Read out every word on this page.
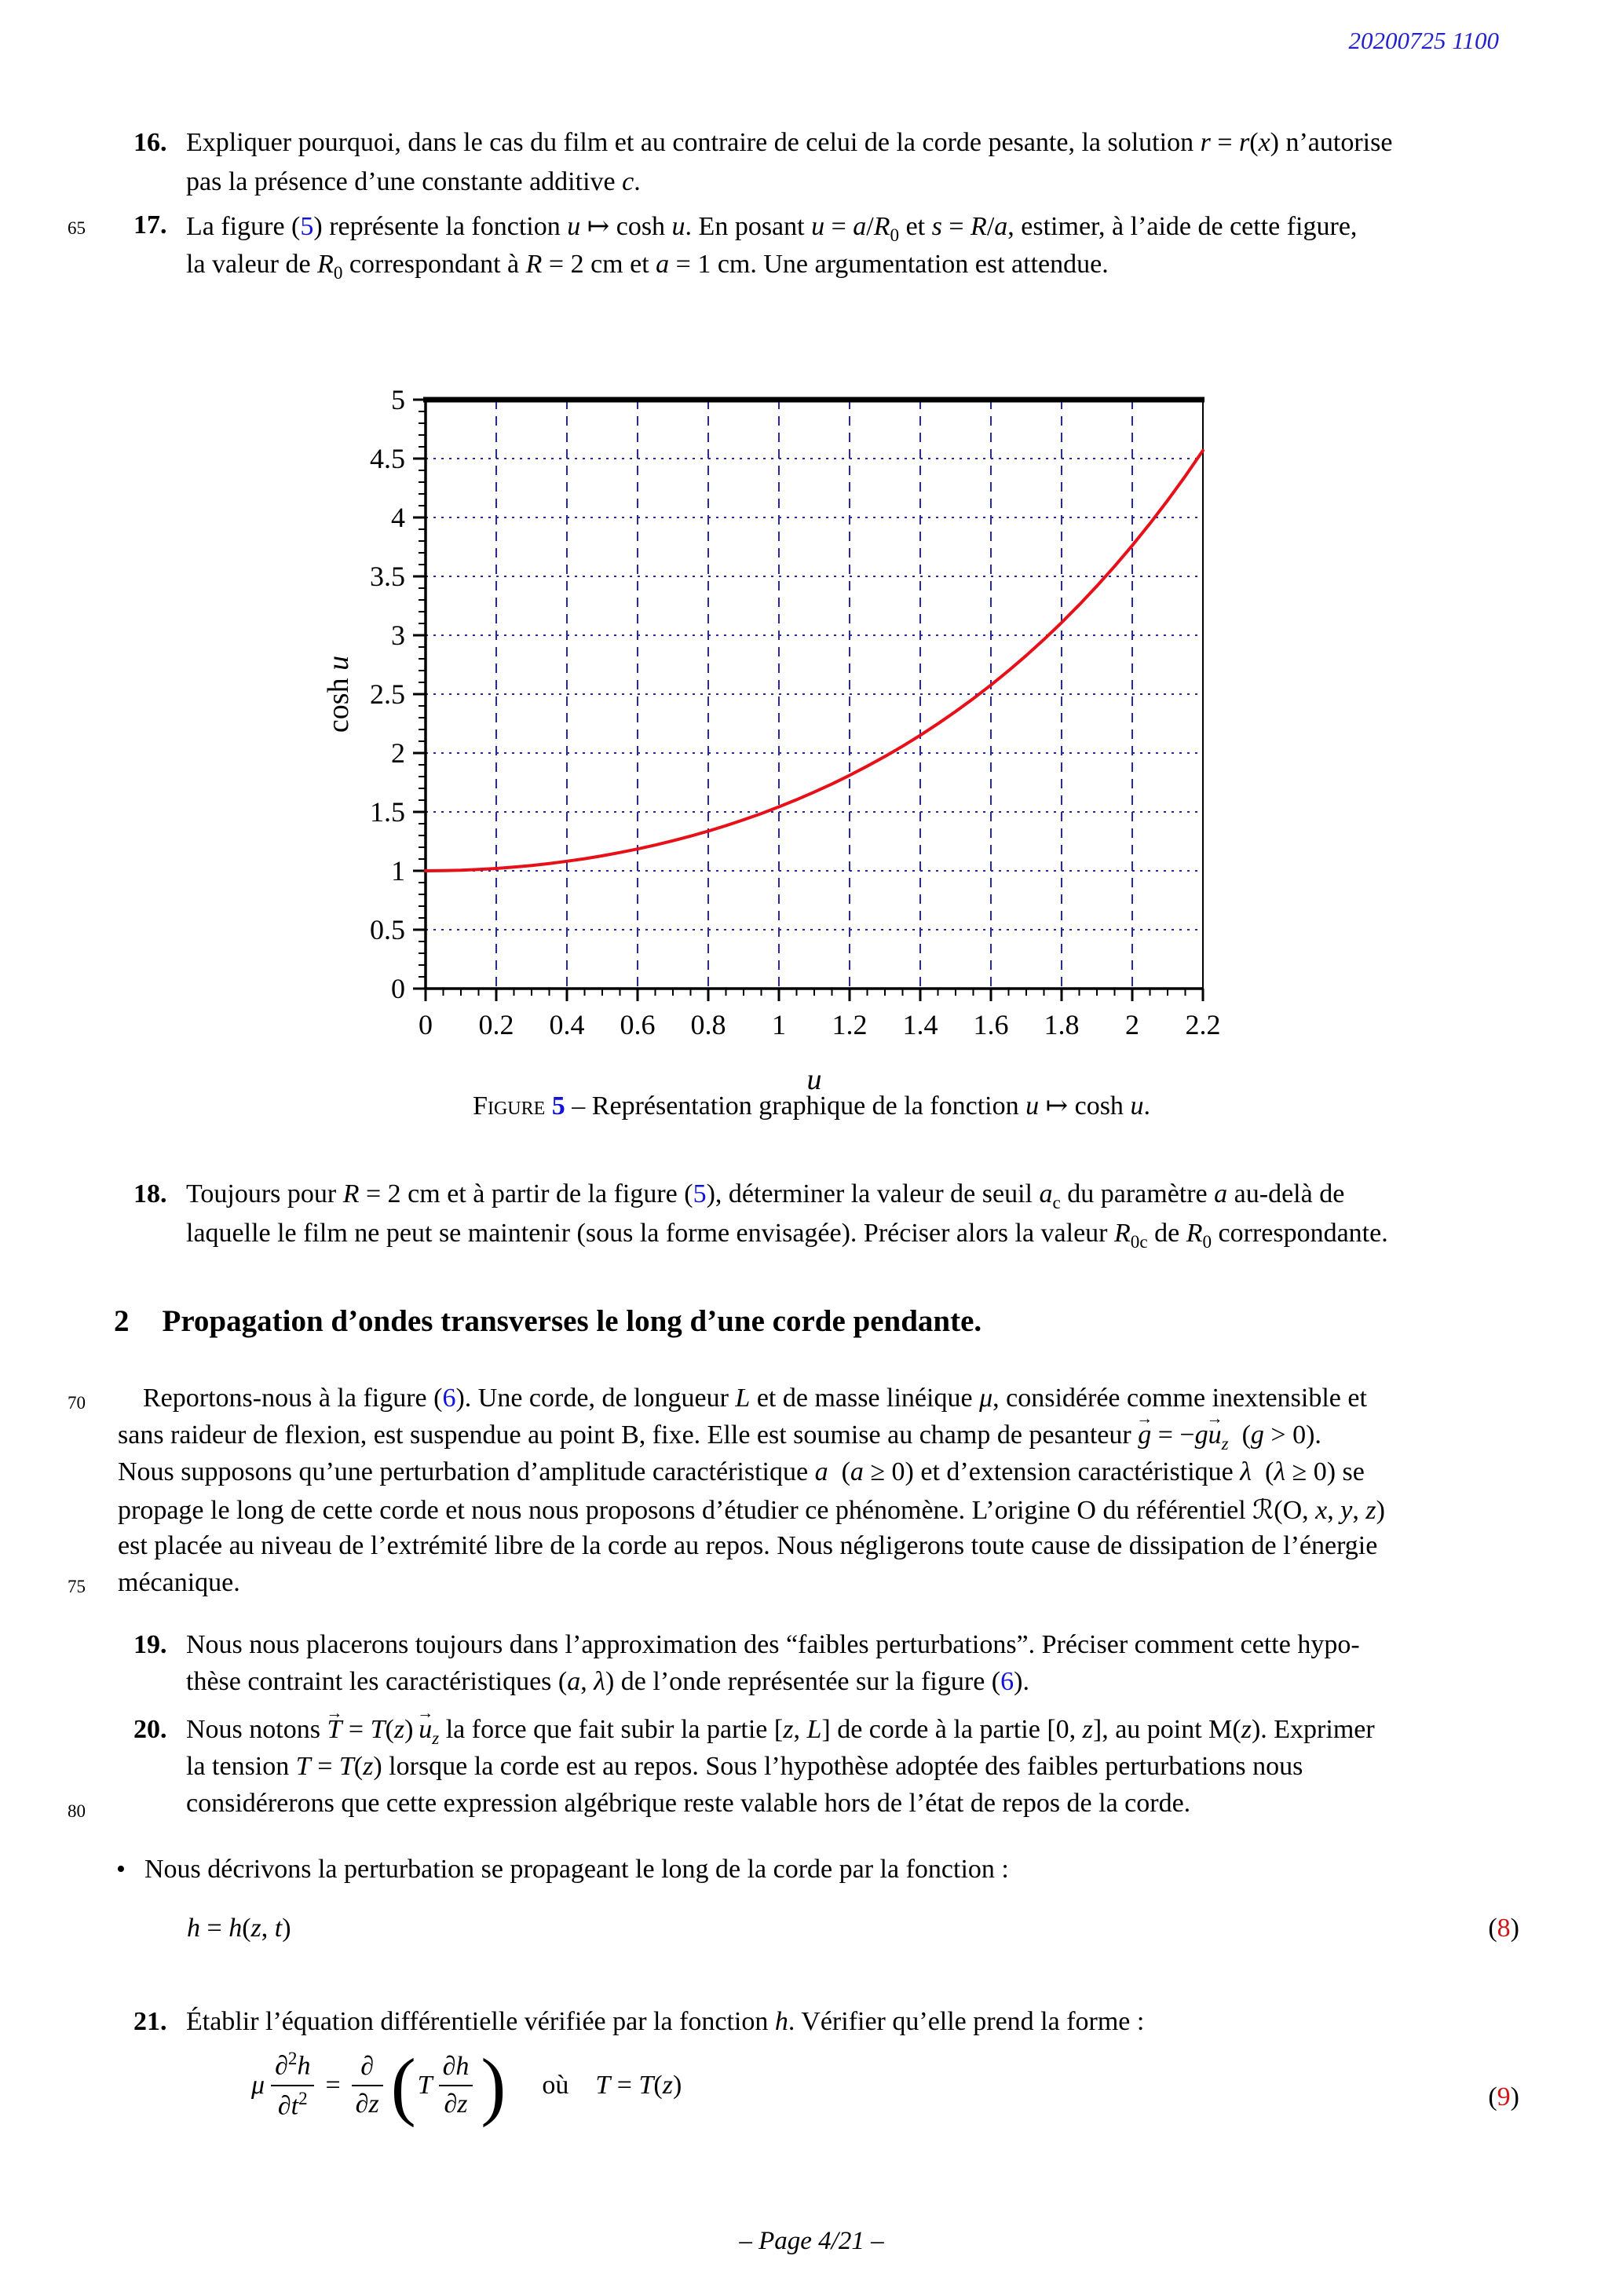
20200725 1100
65
70
75
80
16. Expliquer pourquoi, dans le cas du film et au contraire de celui de la corde pesante, la solution r = r(x) n’autorise
pas la présence d’une constante additive c.
17. La figure (5) représente la fonction u ↦ cosh u. En posant $u = a/R_0$ et s = R/a, estimer, à l’aide de cette figure,
la valeur de $R_0$ correspondant à R = 2 cm et a = 1 cm. Une argumentation est attendue.
0 0.2 0.4 0.6 0.8 1 1.2 1.4 1.6 1.8 2 2.2
0
0.5
1
1.5
2
2.5
3
3.5
4
4.5
5
u
cosh u
Figure 5 – Représentation graphique de la fonction u ↦ cosh u.
18. Toujours pour R = 2 cm et à partir de la figure (5), déterminer la valeur de seuil $a_c$ du paramètre a au-delà de
laquelle le film ne peut se maintenir (sous la forme envisagée). Préciser alors la valeur $R_{0c}$ de $R_0$ correspondante.
2 Propagation d’ondes transverses le long d’une corde pendante.
Reportons-nous à la figure (6). Une corde, de longueur L et de masse linéique μ, considérée comme inextensible et
sans raideur de flexion, est suspendue au point B, fixe. Elle est soumise au champ de pesanteur g → = $-gu \to_z$ (g > 0).
Nous supposons qu’une perturbation d’amplitude caractéristique a (a ≥ 0) et d’extension caractéristique λ (λ ≥ 0) se
propage le long de cette corde et nous nous proposons d’étudier ce phénomène. L’origine O du référentiel ℛ(O, x, y, z)
est placée au niveau de l’extrémité libre de la corde au repos. Nous négligerons toute cause de dissipation de l’énergie
mécanique.
19. Nous nous placerons toujours dans l’approximation des “faibles perturbations”. Préciser comment cette hypo-
thèse contraint les caractéristiques (a, λ) de l’onde représentée sur la figure (6).
20. Nous notons T → = T(z) $u \to_z$ la force que fait subir la partie [z, L] de corde à la partie [0, z], au point M(z). Exprimer
la tension T = T(z) lorsque la corde est au repos. Sous l’hypothèse adoptée des faibles perturbations nous
considérerons que cette expression algébrique reste valable hors de l’état de repos de la corde.
• Nous décrivons la perturbation se propageant le long de la corde par la fonction :
h = h(z, t)	(8)
21. Établir l’équation différentielle vérifiée par la fonction h. Vérifier qu’elle prend la forme :
μ $\frac{\partial^2h}{\partial t^2} = \frac{\partial}{\partial z}$ ( T $\frac{\partial h}{\partial z}$ ) où T = T(z)	(9)
– Page 4/21 –
